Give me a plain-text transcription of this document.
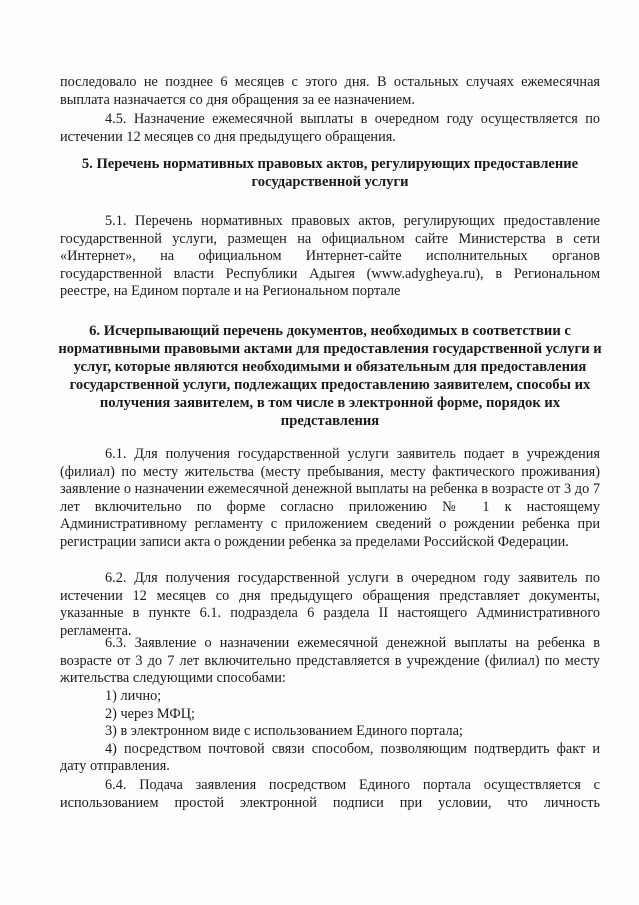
последовало не позднее 6 месяцев с этого дня. В остальных случаях ежемесячная выплата назначается со дня обращения за ее назначением.

4.5. Назначение ежемесячной выплаты в очередном году осуществляется по истечении 12 месяцев со дня предыдущего обращения.

5. Перечень нормативных правовых актов, регулирующих предоставление государственной услуги

5.1. Перечень нормативных правовых актов, регулирующих предоставление государственной услуги, размещен на официальном сайте Министерства в сети «Интернет», на официальном Интернет-сайте исполнительных органов государственной власти Республики Адыгея (www.adygheya.ru), в Региональном реестре, на Едином портале и на Региональном портале

6. Исчерпывающий перечень документов, необходимых в соответствии с нормативными правовыми актами для предоставления государственной услуги и услуг, которые являются необходимыми и обязательным для предоставления государственной услуги, подлежащих предоставлению заявителем, способы их получения заявителем, в том числе в электронной форме, порядок их представления

6.1. Для получения государственной услуги заявитель подает в учреждения (филиал) по месту жительства (месту пребывания, месту фактического проживания) заявление о назначении ежемесячной денежной выплаты на ребенка в возрасте от 3 до 7 лет включительно по форме согласно приложению № 1 к настоящему Административному регламенту с приложением сведений о рождении ребенка при регистрации записи акта о рождении ребенка за пределами Российской Федерации.

6.2. Для получения государственной услуги в очередном году заявитель по истечении 12 месяцев со дня предыдущего обращения представляет документы, указанные в пункте 6.1. подраздела 6 раздела II настоящего Административного регламента.

6.3. Заявление о назначении ежемесячной денежной выплаты на ребенка в возрасте от 3 до 7 лет включительно представляется в учреждение (филиал) по месту жительства следующими способами:

1) лично;

2) через МФЦ;

3) в электронном виде с использованием Единого портала;

4) посредством почтовой связи способом, позволяющим подтвердить факт и дату отправления.

6.4. Подача заявления посредством Единого портала осуществляется с использованием простой электронной подписи при условии, что личность
